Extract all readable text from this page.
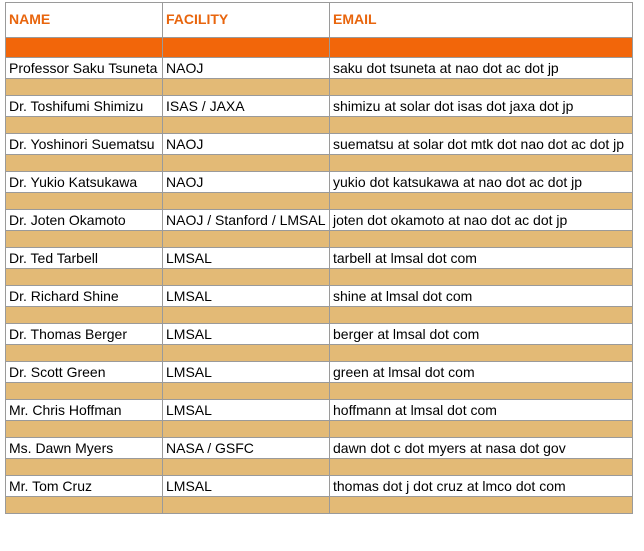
NAME	FACILITY	EMAIL

Professor Saku Tsuneta	NAOJ	saku dot tsuneta at nao dot ac dot jp

Dr. Toshifumi Shimizu	ISAS / JAXA	shimizu at solar dot isas dot jaxa dot jp

Dr. Yoshinori Suematsu	NAOJ	suematsu at solar dot mtk dot nao dot ac dot jp

Dr. Yukio Katsukawa	NAOJ	yukio dot katsukawa at nao dot ac dot jp

Dr. Joten Okamoto	NAOJ / Stanford / LMSAL	joten dot okamoto at nao dot ac dot jp

Dr. Ted Tarbell	LMSAL	tarbell at lmsal dot com

Dr. Richard Shine	LMSAL	shine at lmsal dot com

Dr. Thomas Berger	LMSAL	berger at lmsal dot com

Dr. Scott Green	LMSAL	green at lmsal dot com

Mr. Chris Hoffman	LMSAL	hoffmann at lmsal dot com

Ms. Dawn Myers	NASA / GSFC	dawn dot c dot myers at nasa dot gov

Mr. Tom Cruz	LMSAL	thomas dot j dot cruz at lmco dot com
